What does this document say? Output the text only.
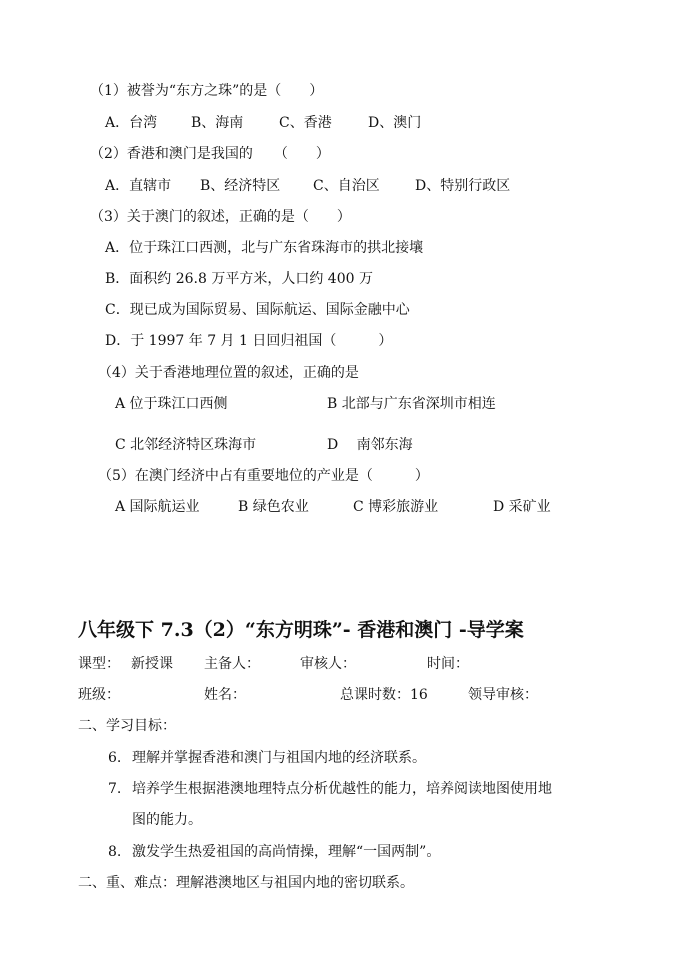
（1）被誉为“东方之珠”的是（　　）
A．台湾 B、海南	C、香港	D、澳门
（2）香港和澳门是我国的　　（　　）
A．直辖市 B、经济特区 C、自治区	D、特别行政区
（3）关于澳门的叙述，正确的是（　　）
A．位于珠江口西测，北与广东省珠海市的拱北接壤
B．面积约 26.8 万平方米，人口约 400 万
C．现已成为国际贸易、国际航运、国际金融中心
D．于 1997 年 7 月 1 日回归祖国（　　　）
（4）关于香港地理位置的叙述，正确的是
A 位于珠江口西侧	B 北部与广东省深圳市相连
C 北邻经济特区珠海市	D　 南邻东海
（5）在澳门经济中占有重要地位的产业是（　　　）
A 国际航运业	B 绿色农业	C 博彩旅游业	D 采矿业
八年级下 7.3（2）“东方明珠”- 香港和澳门 -导学案
课型： 新授课 主备人：	审核人：	时间：
班级：	姓名：	总课时数：16	领导审核：
二、学习目标：
6. 理解并掌握香港和澳门与祖国内地的经济联系。
7. 培养学生根据港澳地理特点分析优越性的能力，培养阅读地图使用地
图的能力。
8. 激发学生热爱祖国的高尚情操，理解“一国两制”。
二、重、难点：理解港澳地区与祖国内地的密切联系。
